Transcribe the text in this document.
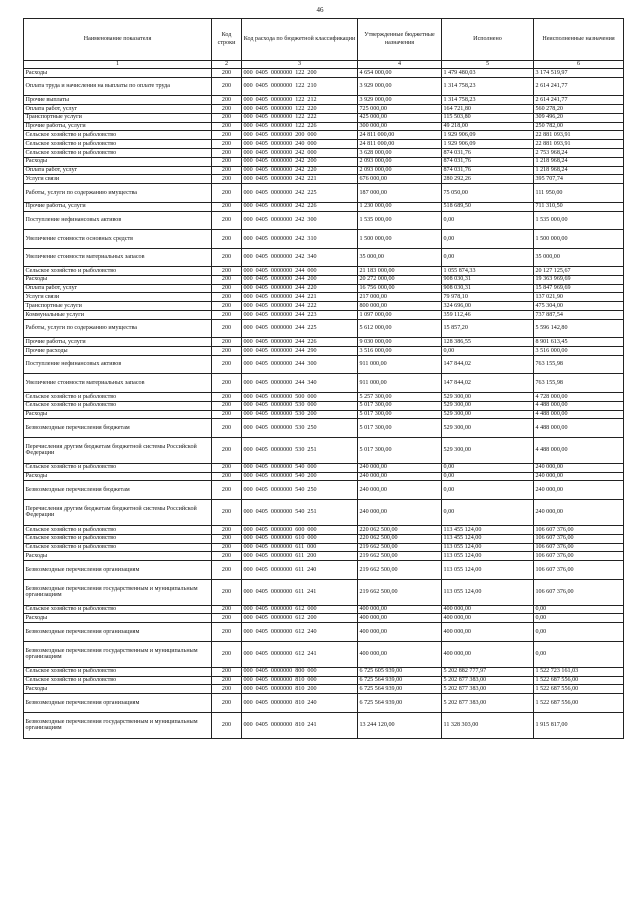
46
Наименование показателя	Код строки	Код расхода по бюджетной классификации	Утвержденные бюджетные назначения	Исполнено	Неисполненные назначения
1	2	3	4	5	6
Расходы	200	000 0405 0000000 122 200	4 654 000,00	1 479 480,03	3 174 519,97
Оплата труда и начисления на выплаты по оплате труда	200	000 0405 0000000 122 210	3 929 000,00	1 314 758,23	2 614 241,77
Прочие выплаты	200	000 0405 0000000 122 212	3 929 000,00	1 314 758,23	2 614 241,77
Оплата работ, услуг	200	000 0405 0000000 122 220	725 000,00	164 721,80	560 278,20
Транспортные услуги	200	000 0405 0000000 122 222	425 000,00	115 503,80	309 496,20
Прочие работы, услуги	200	000 0405 0000000 122 226	300 000,00	49 218,00	250 782,00
Сельское хозяйство и рыболовство	200	000 0405 0000000 200 000	24 811 000,00	1 929 906,09	22 881 093,91
Сельское хозяйство и рыболовство	200	000 0405 0000000 240 000	24 811 000,00	1 929 906,09	22 881 093,91
Сельское хозяйство и рыболовство	200	000 0405 0000000 242 000	3 628 000,00	874 031,76	2 753 968,24
Расходы	200	000 0405 0000000 242 200	2 093 000,00	874 031,76	1 218 968,24
Оплата работ, услуг	200	000 0405 0000000 242 220	2 093 000,00	874 031,76	1 218 968,24
Услуги связи	200	000 0405 0000000 242 221	676 000,00	280 292,26	395 707,74
Работы, услуги по содержанию имущества	200	000 0405 0000000 242 225	187 000,00	75 050,00	111 950,00
Прочие работы, услуги	200	000 0405 0000000 242 226	1 230 000,00	518 689,50	711 310,50
Поступление нефинансовых активов	200	000 0405 0000000 242 300	1 535 000,00	0,00	1 535 000,00
Увеличение стоимости основных средств	200	000 0405 0000000 242 310	1 500 000,00	0,00	1 500 000,00
Увеличение стоимости материальных запасов	200	000 0405 0000000 242 340	35 000,00	0,00	35 000,00
Сельское хозяйство и рыболовство	200	000 0405 0000000 244 000	21 183 000,00	1 055 874,33	20 127 125,67
Расходы	200	000 0405 0000000 244 200	20 272 000,00	908 030,31	19 363 969,69
Оплата работ, услуг	200	000 0405 0000000 244 220	16 756 000,00	908 030,31	15 847 969,69
Услуги связи	200	000 0405 0000000 244 221	217 000,00	79 978,10	137 021,90
Транспортные услуги	200	000 0405 0000000 244 222	800 000,00	324 696,00	475 304,00
Коммунальные услуги	200	000 0405 0000000 244 223	1 097 000,00	359 112,46	737 887,54
Работы, услуги по содержанию имущества	200	000 0405 0000000 244 225	5 612 000,00	15 857,20	5 596 142,80
Прочие работы, услуги	200	000 0405 0000000 244 226	9 030 000,00	128 386,55	8 901 613,45
Прочие расходы	200	000 0405 0000000 244 290	3 516 000,00	0,00	3 516 000,00
Поступление нефинансовых активов	200	000 0405 0000000 244 300	911 000,00	147 844,02	763 155,98
Увеличение стоимости материальных запасов	200	000 0405 0000000 244 340	911 000,00	147 844,02	763 155,98
Сельское хозяйство и рыболовство	200	000 0405 0000000 500 000	5 257 300,00	529 300,00	4 728 000,00
Сельское хозяйство и рыболовство	200	000 0405 0000000 530 000	5 017 300,00	529 300,00	4 488 000,00
Расходы	200	000 0405 0000000 530 200	5 017 300,00	529 300,00	4 488 000,00
Безвозмездные перечисления бюджетам	200	000 0405 0000000 530 250	5 017 300,00	529 300,00	4 488 000,00
Перечисления другим бюджетам бюджетной системы Российской Федерации	200	000 0405 0000000 530 251	5 017 300,00	529 300,00	4 488 000,00
Сельское хозяйство и рыболовство	200	000 0405 0000000 540 000	240 000,00	0,00	240 000,00
Расходы	200	000 0405 0000000 540 200	240 000,00	0,00	240 000,00
Безвозмездные перечисления бюджетам	200	000 0405 0000000 540 250	240 000,00	0,00	240 000,00
Перечисления другим бюджетам бюджетной системы Российской Федерации	200	000 0405 0000000 540 251	240 000,00	0,00	240 000,00
Сельское хозяйство и рыболовство	200	000 0405 0000000 600 000	220 062 500,00	113 455 124,00	106 607 376,00
Сельское хозяйство и рыболовство	200	000 0405 0000000 610 000	220 062 500,00	113 455 124,00	106 607 376,00
Сельское хозяйство и рыболовство	200	000 0405 0000000 611 000	219 662 500,00	113 055 124,00	106 607 376,00
Расходы	200	000 0405 0000000 611 200	219 662 500,00	113 055 124,00	106 607 376,00
Безвозмездные перечисления организациям	200	000 0405 0000000 611 240	219 662 500,00	113 055 124,00	106 607 376,00
Безвозмездные перечисления государственным и муниципальным организациям	200	000 0405 0000000 611 241	219 662 500,00	113 055 124,00	106 607 376,00
Сельское хозяйство и рыболовство	200	000 0405 0000000 612 000	400 000,00	400 000,00	0,00
Расходы	200	000 0405 0000000 612 200	400 000,00	400 000,00	0,00
Безвозмездные перечисления организациям	200	000 0405 0000000 612 240	400 000,00	400 000,00	0,00
Безвозмездные перечисления государственным и муниципальным организациям	200	000 0405 0000000 612 241	400 000,00	400 000,00	0,00
Сельское хозяйство и рыболовство	200	000 0405 0000000 800 000	6 725 605 939,00	5 202 882 777,97	1 522 723 161,03
Сельское хозяйство и рыболовство	200	000 0405 0000000 810 000	6 725 564 939,00	5 202 877 383,00	1 522 687 556,00
Расходы	200	000 0405 0000000 810 200	6 725 564 939,00	5 202 877 383,00	1 522 687 556,00
Безвозмездные перечисления организациям	200	000 0405 0000000 810 240	6 725 564 939,00	5 202 877 383,00	1 522 687 556,00
Безвозмездные перечисления государственным и муниципальным организациям	200	000 0405 0000000 810 241	13 244 120,00	11 328 303,00	1 915 817,00
